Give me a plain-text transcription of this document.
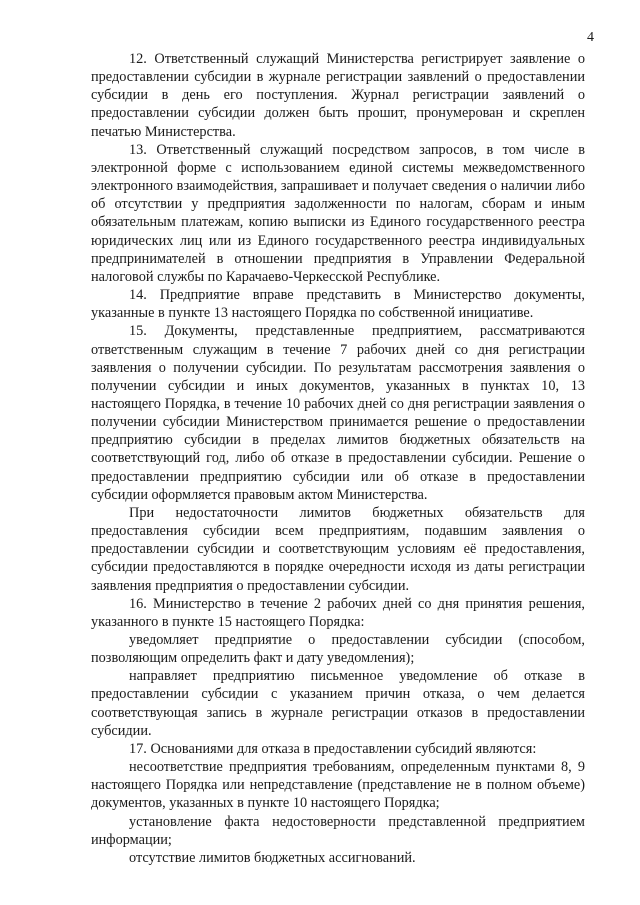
4

12. Ответственный служащий Министерства регистрирует заявление о предоставлении субсидии в журнале регистрации заявлений о предоставлении субсидии в день его поступления. Журнал регистрации заявлений о предоставлении субсидии должен быть прошит, пронумерован и скреплен печатью Министерства.

13. Ответственный служащий посредством запросов, в том числе в электронной форме с использованием единой системы межведомственного электронного взаимодействия, запрашивает и получает сведения о наличии либо об отсутствии у предприятия задолженности по налогам, сборам и иным обязательным платежам, копию выписки из Единого государственного реестра юридических лиц или из Единого государственного реестра индивидуальных предпринимателей в отношении предприятия в Управлении Федеральной налоговой службы по Карачаево-Черкесской Республике.

14. Предприятие вправе представить в Министерство документы, указанные в пункте 13 настоящего Порядка по собственной инициативе.

15. Документы, представленные предприятием, рассматриваются ответственным служащим в течение 7 рабочих дней со дня регистрации заявления о получении субсидии. По результатам рассмотрения заявления о получении субсидии и иных документов, указанных в пунктах 10, 13 настоящего Порядка, в течение 10 рабочих дней со дня регистрации заявления о получении субсидии Министерством принимается решение о предоставлении предприятию субсидии в пределах лимитов бюджетных обязательств на соответствующий год, либо об отказе в предоставлении субсидии. Решение о предоставлении предприятию субсидии или об отказе в предоставлении субсидии оформляется правовым актом Министерства.

При недостаточности лимитов бюджетных обязательств для предоставления субсидии всем предприятиям, подавшим заявления о предоставлении субсидии и соответствующим условиям её предоставления, субсидии предоставляются в порядке очередности исходя из даты регистрации заявления предприятия о предоставлении субсидии.

16. Министерство в течение 2 рабочих дней со дня принятия решения, указанного в пункте 15 настоящего Порядка:

уведомляет предприятие о предоставлении субсидии (способом, позволяющим определить факт и дату уведомления);

направляет предприятию письменное уведомление об отказе в предоставлении субсидии с указанием причин отказа, о чем делается соответствующая запись в журнале регистрации отказов в предоставлении субсидии.

17. Основаниями для отказа в предоставлении субсидий являются:

несоответствие предприятия требованиям, определенным пунктами 8, 9 настоящего Порядка или непредставление (представление не в полном объеме) документов, указанных в пункте 10 настоящего Порядка;

установление факта недостоверности представленной предприятием информации;

отсутствие лимитов бюджетных ассигнований.
